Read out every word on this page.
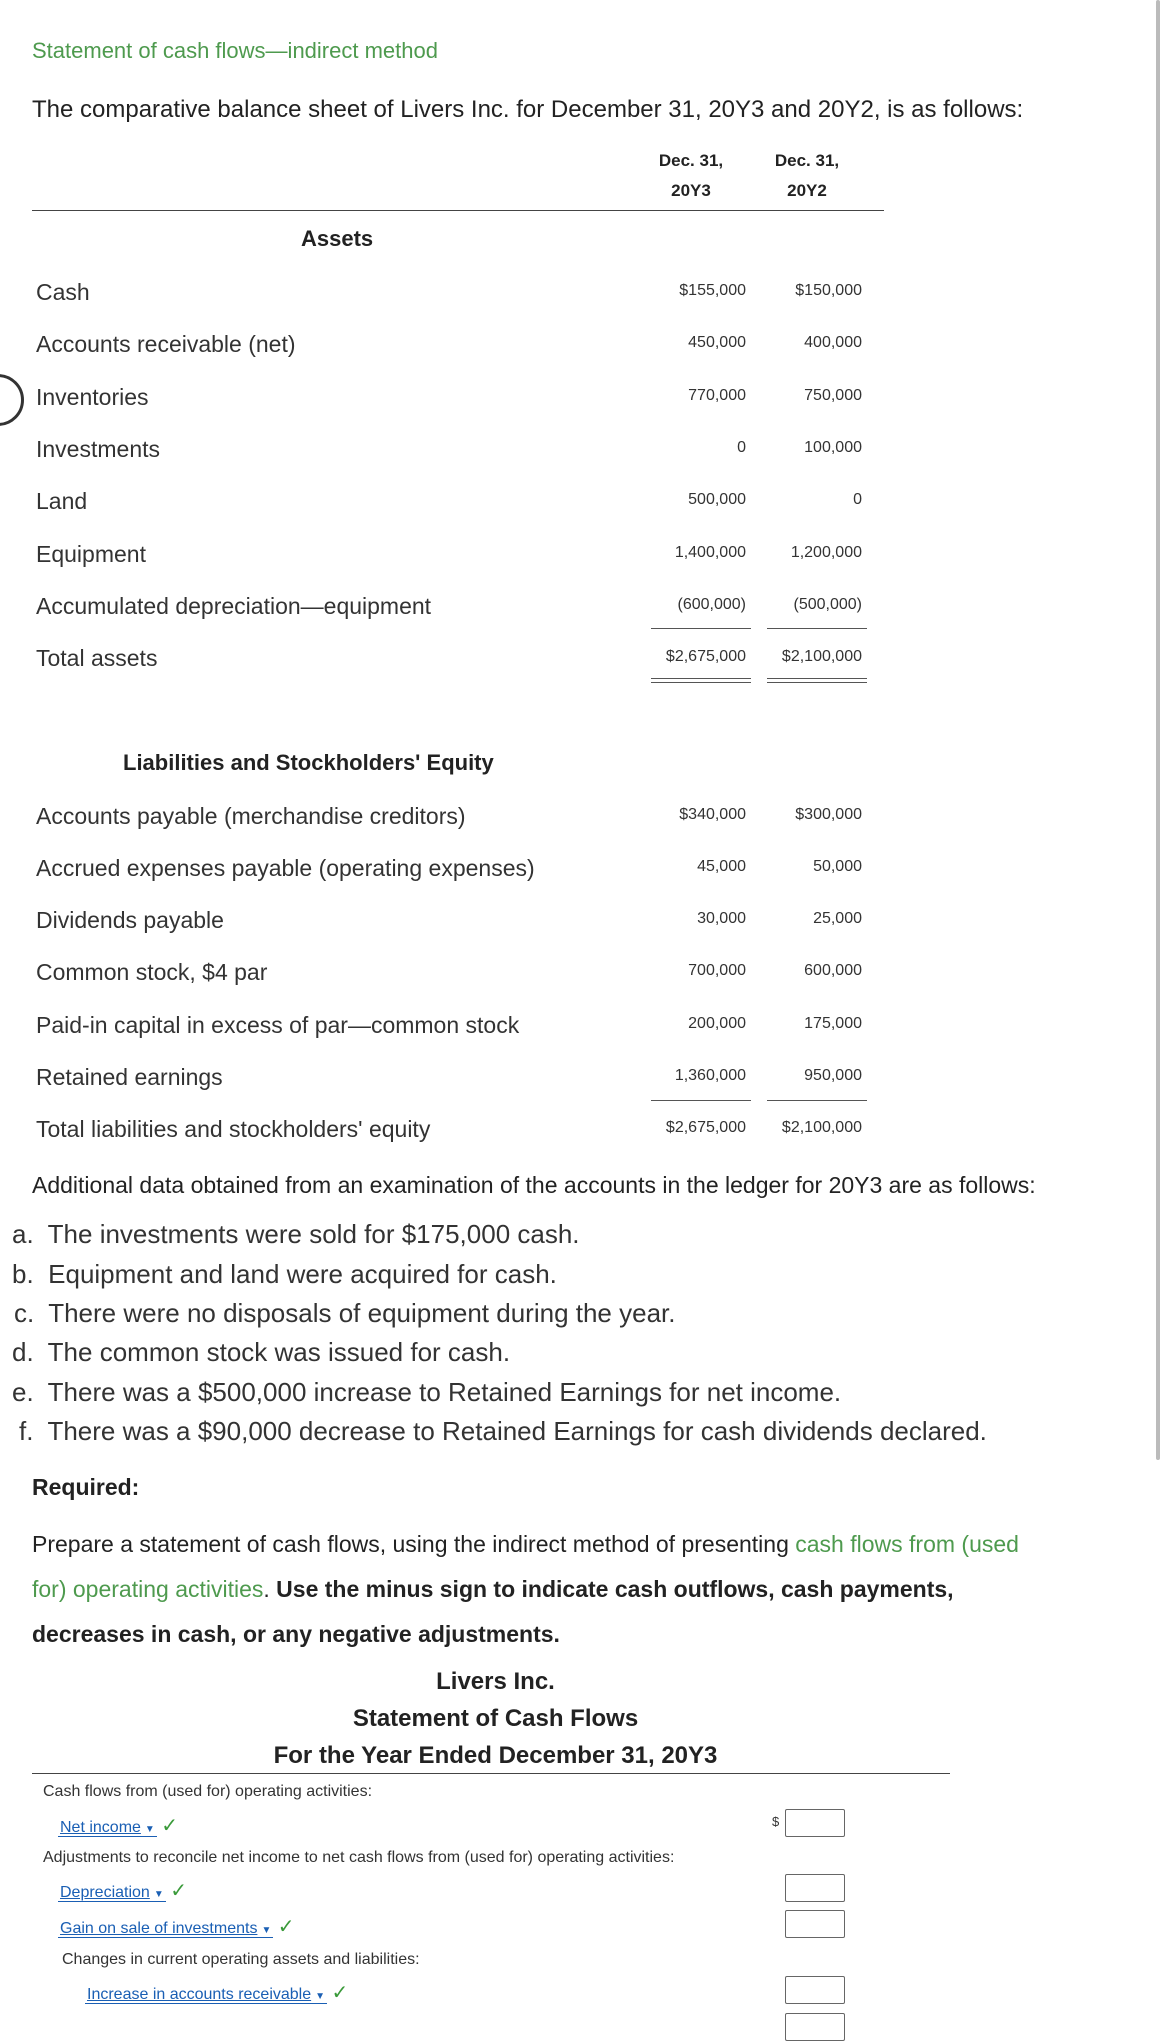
Statement of cash flows—indirect method
The comparative balance sheet of Livers Inc. for December 31, 20Y3 and 20Y2, is as follows:
Dec. 31,
20Y3
Dec. 31,
20Y2
Assets
Cash	$155,000	$150,000
Accounts receivable (net)	450,000	400,000
Inventories	770,000	750,000
Investments	0	100,000
Land	500,000	0
Equipment	1,400,000	1,200,000
Accumulated depreciation—equipment	(600,000)	(500,000)
Total assets	$2,675,000	$2,100,000
Liabilities and Stockholders' Equity
Accounts payable (merchandise creditors)	$340,000	$300,000
Accrued expenses payable (operating expenses)	45,000	50,000
Dividends payable	30,000	25,000
Common stock, $4 par	700,000	600,000
Paid-in capital in excess of par—common stock	200,000	175,000
Retained earnings	1,360,000	950,000
Total liabilities and stockholders' equity	$2,675,000	$2,100,000
Additional data obtained from an examination of the accounts in the ledger for 20Y3 are as follows:
a. The investments were sold for $175,000 cash.
b. Equipment and land were acquired for cash.
c. There were no disposals of equipment during the year.
d. The common stock was issued for cash.
e. There was a $500,000 increase to Retained Earnings for net income.
f. There was a $90,000 decrease to Retained Earnings for cash dividends declared.
Required:
Prepare a statement of cash flows, using the indirect method of presenting cash flows from (used
for) operating activities. Use the minus sign to indicate cash outflows, cash payments,
decreases in cash, or any negative adjustments.
Livers Inc.
Statement of Cash Flows
For the Year Ended December 31, 20Y3
Cash flows from (used for) operating activities:
Net income ▼ ✓	$
Adjustments to reconcile net income to net cash flows from (used for) operating activities:
Depreciation ▼ ✓
Gain on sale of investments ▼ ✓
Changes in current operating assets and liabilities:
Increase in accounts receivable ▼ ✓
